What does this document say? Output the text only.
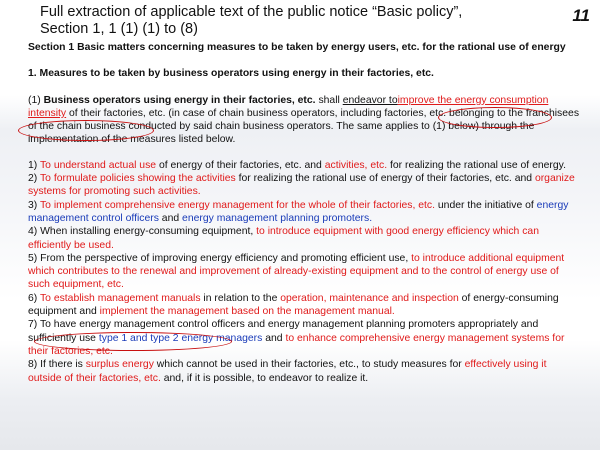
Full extraction of applicable text of the public notice “Basic policy”,
Section 1, 1 (1) (1) to (8)
11

Section 1 Basic matters concerning measures to be taken by energy users, etc. for the rational use of energy

1. Measures to be taken by business operators using energy in their factories, etc.

(1) Business operators using energy in their factories, etc. shall endeavor toimprove the energy consumption intensity of their factories, etc. (in case of chain business operators, including factories, etc. belonging to the franchisees of the chain business conducted by said chain business operators. The same applies to (1) below) through the implementation of the measures listed below.

1) To understand actual use of energy of their factories, etc. and activities, etc. for realizing the rational use of energy.

2) To formulate policies showing the activities for realizing the rational use of energy of their factories, etc. and organize systems for promoting such activities.

3) To implement comprehensive energy management for the whole of their factories, etc. under the initiative of energy management control officers and energy management planning promoters.

4) When installing energy-consuming equipment, to introduce equipment with good energy efficiency which can efficiently be used.

5) From the perspective of improving energy efficiency and promoting efficient use, to introduce additional equipment which contributes to the renewal and improvement of already-existing equipment and to the control of energy use of such equipment, etc.

6) To establish management manuals in relation to the operation, maintenance and inspection of energy-consuming equipment and implement the management based on the management manual.

7) To have energy management control officers and energy management planning promoters appropriately and sufficiently use type 1 and type 2 energy managers and to enhance comprehensive energy management systems for their factories, etc.

8) If there is surplus energy which cannot be used in their factories, etc., to study measures for effectively using it outside of their factories, etc. and, if it is possible, to endeavor to realize it.
